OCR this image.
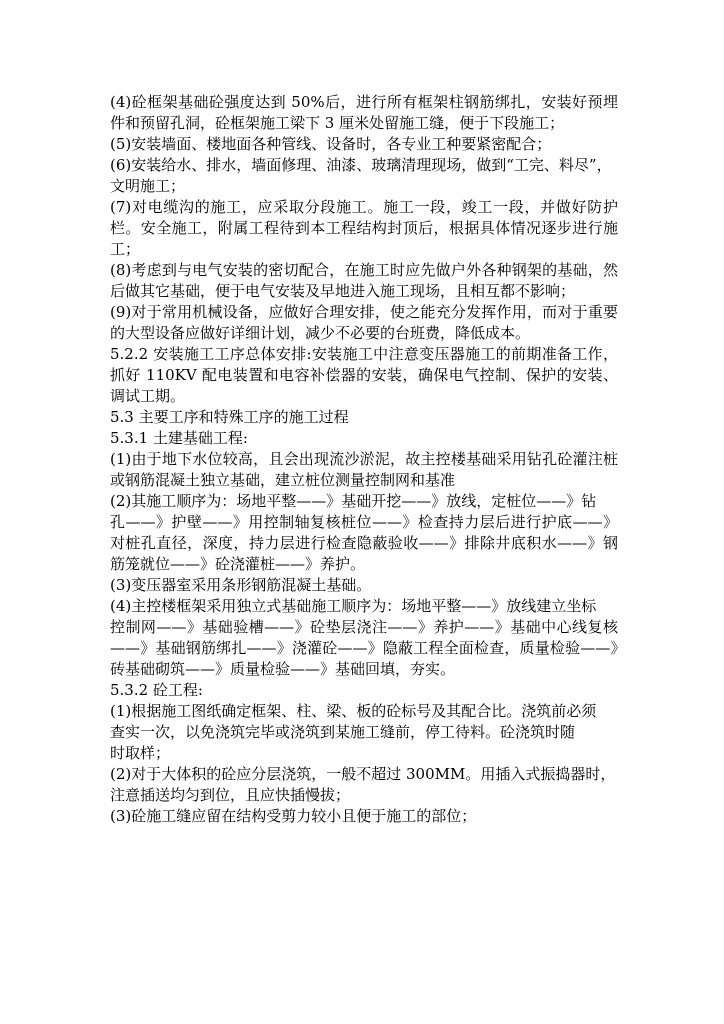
(4)砼框架基础砼强度达到 50%后，进行所有框架柱钢筋绑扎，安装好预埋件和预留孔洞，砼框架施工梁下 3 厘米处留施工缝，便于下段施工；

(5)安装墙面、楼地面各种管线、设备时，各专业工种要紧密配合；

(6)安装给水、排水，墙面修理、油漆、玻璃清理现场，做到“工完、料尽”，

文明施工；

(7)对电缆沟的施工，应采取分段施工。施工一段，竣工一段，并做好防护栏。安全施工，附属工程待到本工程结构封顶后，根据具体情况逐步进行施工；

(8)考虑到与电气安装的密切配合，在施工时应先做户外各种钢架的基础，然后做其它基础，便于电气安装及早地进入施工现场，且相互都不影响；

(9)对于常用机械设备，应做好合理安排，使之能充分发挥作用，而对于重要的大型设备应做好详细计划，减少不必要的台班费，降低成本。

5.2.2 安装施工工序总体安排:安装施工中注意变压器施工的前期准备工作，抓好 110KV 配电装置和电容补偿器的安装，确保电气控制、保护的安装、调试工期。

5.3 主要工序和特殊工序的施工过程

5.3.1 土建基础工程:

(1)由于地下水位较高，且会出现流沙淤泥，故主控楼基础采用钻孔砼灌注桩或钢筋混凝土独立基础，建立桩位测量控制网和基准

(2)其施工顺序为：场地平整——》基础开挖——》放线，定桩位——》钻

孔——》护壁——》用控制轴复核桩位——》检查持力层后进行护底——》对桩孔直径，深度，持力层进行检查隐蔽验收——》排除井底积水——》钢筋笼就位——》砼浇灌桩——》养护。

(3)变压器室采用条形钢筋混凝土基础。

(4)主控楼框架采用独立式基础施工顺序为：场地平整——》放线建立坐标

控制网——》基础验槽——》砼垫层浇注——》养护——》基础中心线复核——》基础钢筋绑扎——》浇灌砼——》隐蔽工程全面检查，质量检验——》砖基础砌筑——》质量检验——》基础回填，夯实。

5.3.2 砼工程:

(1)根据施工图纸确定框架、柱、梁、板的砼标号及其配合比。浇筑前必须

查实一次，以免浇筑完毕或浇筑到某施工缝前，停工待料。砼浇筑时随

时取样；

(2)对于大体积的砼应分层浇筑，一般不超过 300MM。用插入式振捣器时，

注意插送均匀到位，且应快插慢拔；

(3)砼施工缝应留在结构受剪力较小且便于施工的部位；
